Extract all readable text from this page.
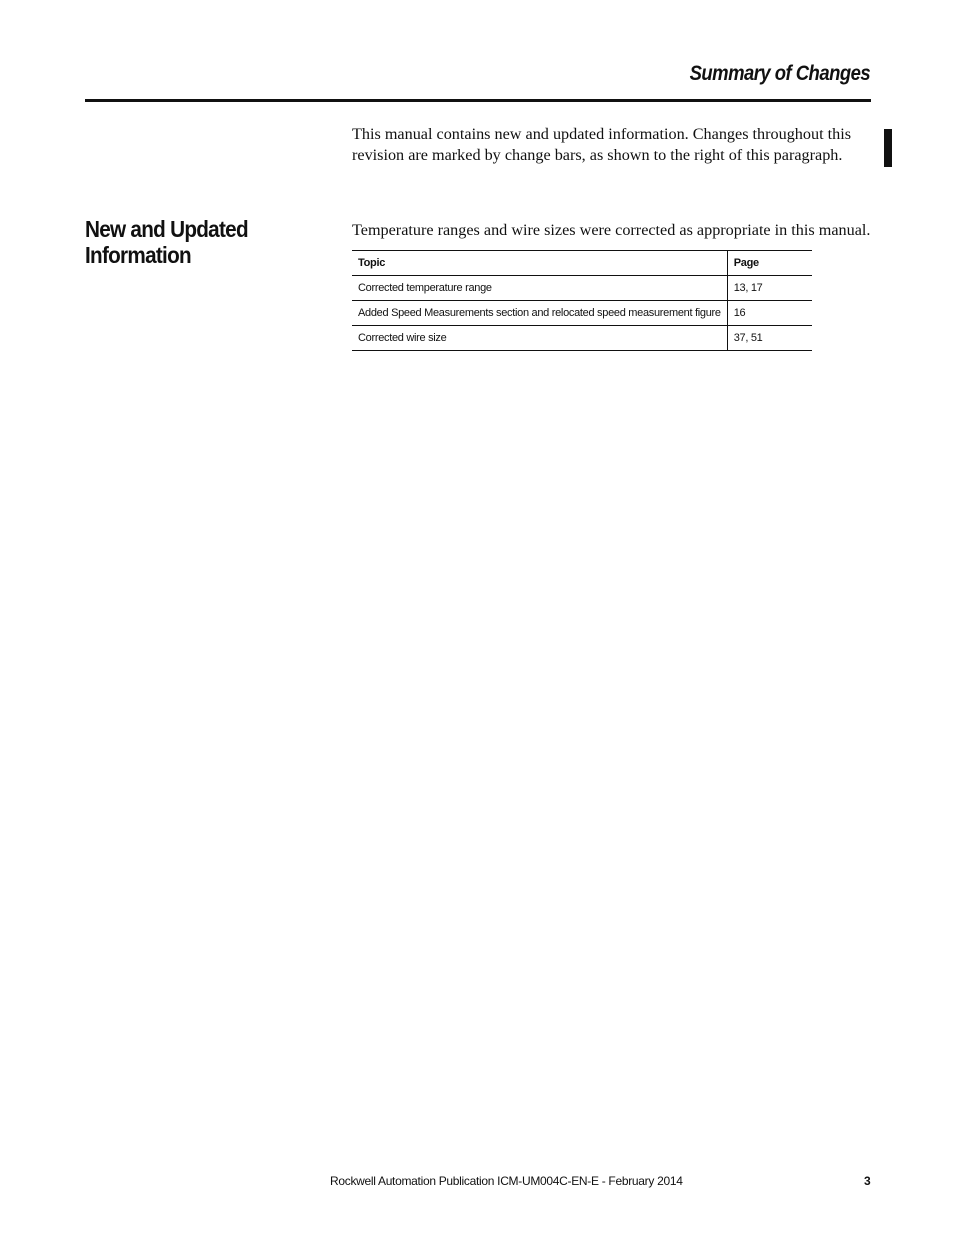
Summary of Changes
This manual contains new and updated information. Changes throughout this revision are marked by change bars, as shown to the right of this paragraph.
New and Updated
Information
Temperature ranges and wire sizes were corrected as appropriate in this manual.
Topic	Page
Corrected temperature range	13, 17
Added Speed Measurements section and relocated speed measurement figure	16
Corrected wire size	37, 51
Rockwell Automation Publication ICM-UM004C-EN-E - February 2014	3
